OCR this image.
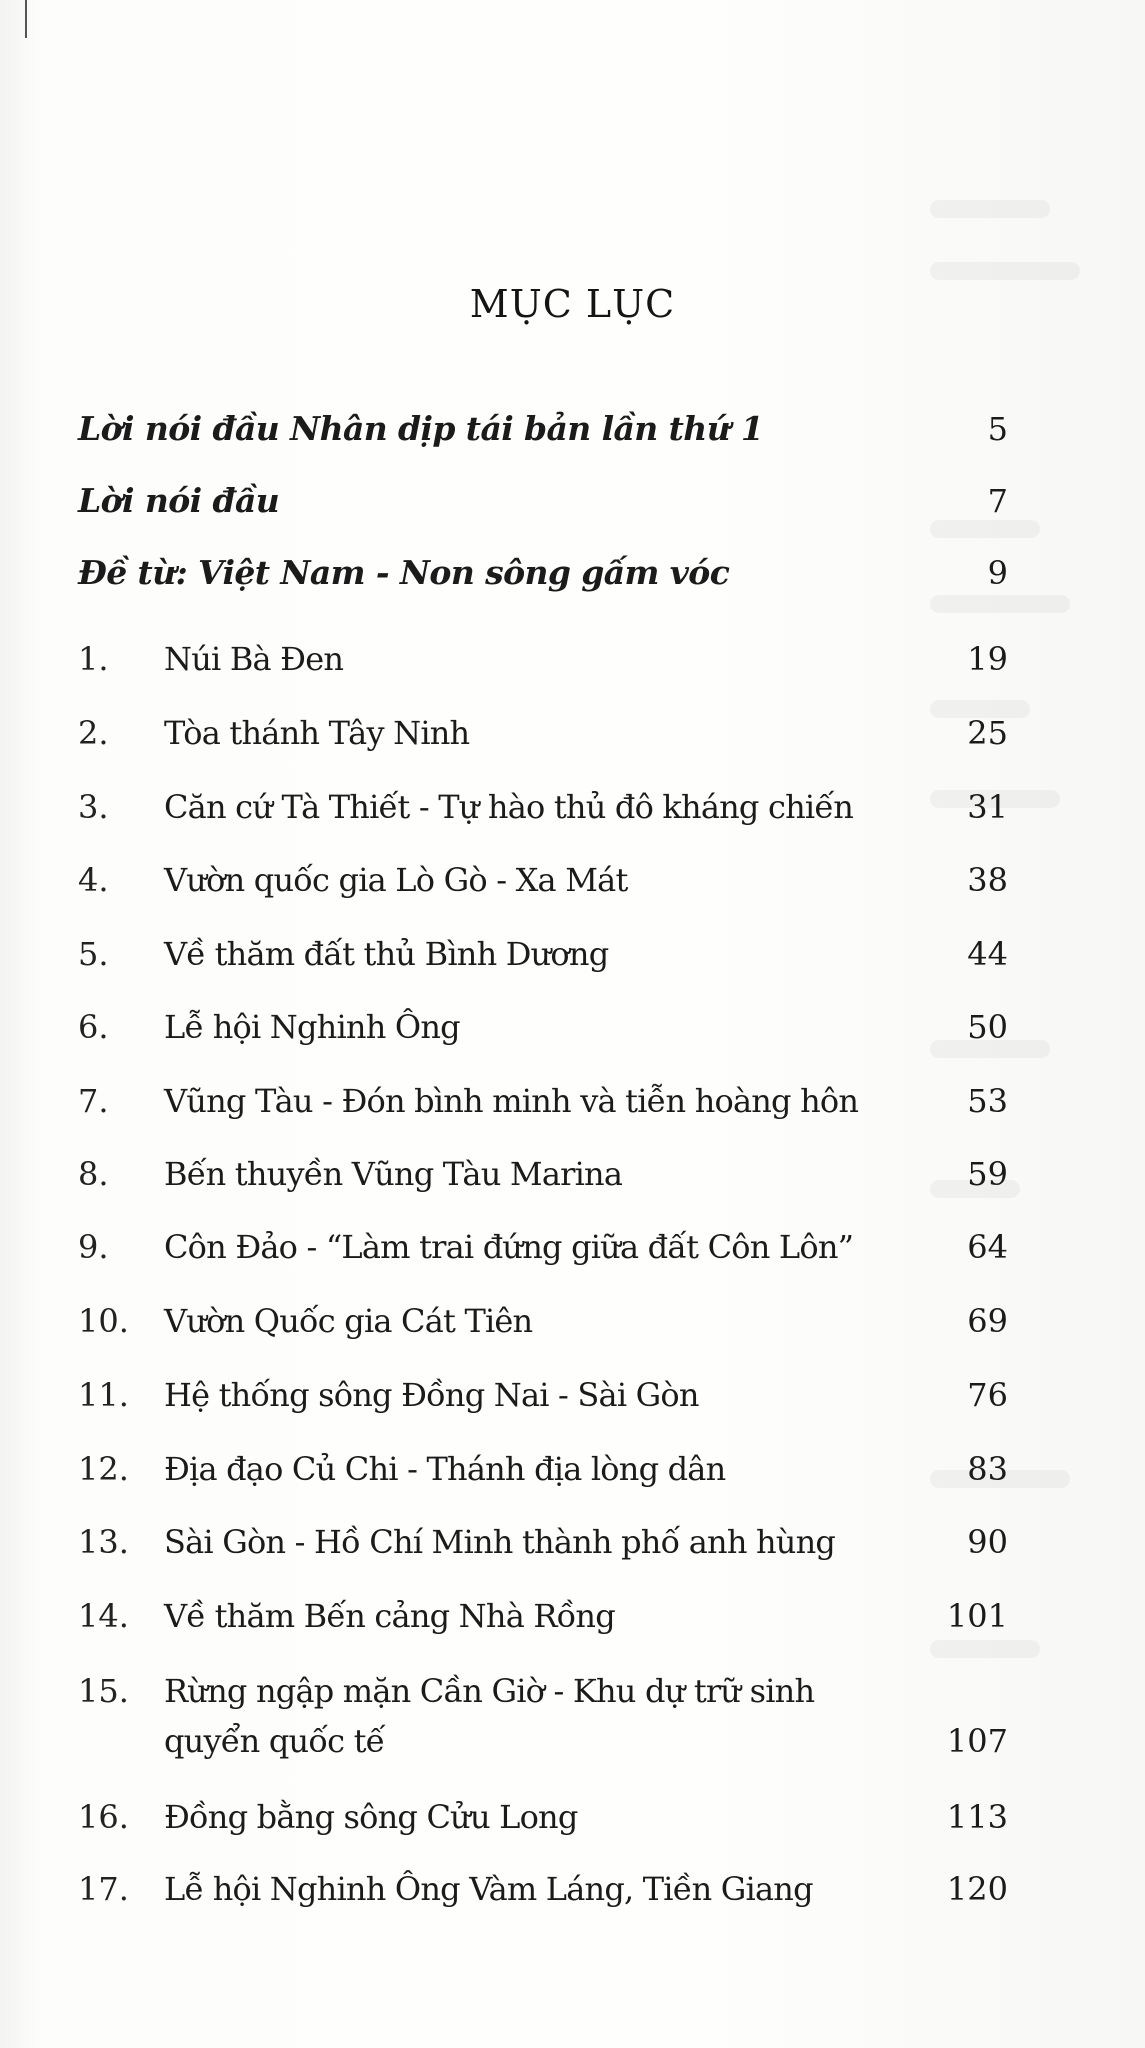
MỤC LỤC
Lời nói đầu Nhân dịp tái bản lần thứ 1	5
Lời nói đầu	7
Đề từ: Việt Nam - Non sông gấm vóc	9
1. Núi Bà Đen	19
2. Tòa thánh Tây Ninh	25
3. Căn cứ Tà Thiết - Tự hào thủ đô kháng chiến	31
4. Vườn quốc gia Lò Gò - Xa Mát	38
5. Về thăm đất thủ Bình Dương	44
6. Lễ hội Nghinh Ông	50
7. Vũng Tàu - Đón bình minh và tiễn hoàng hôn	53
8. Bến thuyền Vũng Tàu Marina	59
9. Côn Đảo - “Làm trai đứng giữa đất Côn Lôn”	64
10. Vườn Quốc gia Cát Tiên	69
11. Hệ thống sông Đồng Nai - Sài Gòn	76
12. Địa đạo Củ Chi - Thánh địa lòng dân	83
13. Sài Gòn - Hồ Chí Minh thành phố anh hùng	90
14. Về thăm Bến cảng Nhà Rồng	101
15. Rừng ngập mặn Cần Giờ - Khu dự trữ sinh
quyển quốc tế	107
16. Đồng bằng sông Cửu Long	113
17. Lễ hội Nghinh Ông Vàm Láng, Tiền Giang	120
